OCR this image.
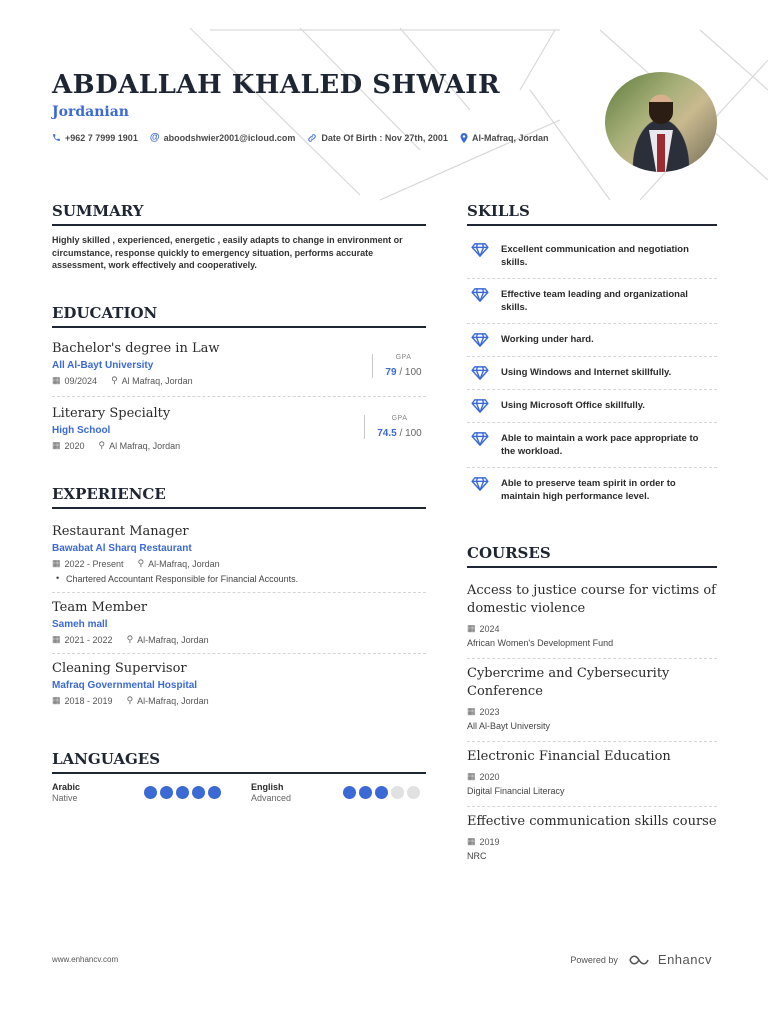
ABDALLAH KHALED SHWAIR
Jordanian
+962 7 7999 1901 @ aboodshwier2001@icloud.com	Date Of Birth : Nov 27th, 2001	Al-Mafraq, Jordan
SUMMARY
Highly skilled , experienced, energetic , easily adapts to change in environment or circumstance, response quickly to emergency situation, performs accurate assessment, work effectively and cooperatively.
EDUCATION
Bachelor's degree in Law
All Al-Bayt University
▦ 09/2024 ⚲ Al Mafraq, Jordan
GPA
79 / 100
Literary Specialty
High School
▦ 2020 ⚲ Al Mafraq, Jordan
GPA
74.5 / 100
EXPERIENCE
Restaurant Manager
Bawabat Al Sharq Restaurant
▦ 2022 - Present ⚲ Al-Mafraq, Jordan
• Chartered Accountant Responsible for Financial Accounts.
Team Member
Sameh mall
▦ 2021 - 2022 ⚲ Al-Mafraq, Jordan
Cleaning Supervisor
Mafraq Governmental Hospital
▦ 2018 - 2019 ⚲ Al-Mafraq, Jordan
LANGUAGES
Arabic
Native
English
Advanced
SKILLS
Excellent communication and negotiation skills.
Effective team leading and organizational skills.
Working under hard.
Using Windows and Internet skillfully.
Using Microsoft Office skillfully.
Able to maintain a work pace appropriate to the workload.
Able to preserve team spirit in order to maintain high performance level.
COURSES
Access to justice course for victims of domestic violence
▦ 2024
African Women's Development Fund
Cybercrime and Cybersecurity Conference
▦ 2023
All Al-Bayt University
Electronic Financial Education
▦ 2020
Digital Financial Literacy
Effective communication skills course
▦ 2019
NRC
www.enhancv.com	Powered by	Enhancv
